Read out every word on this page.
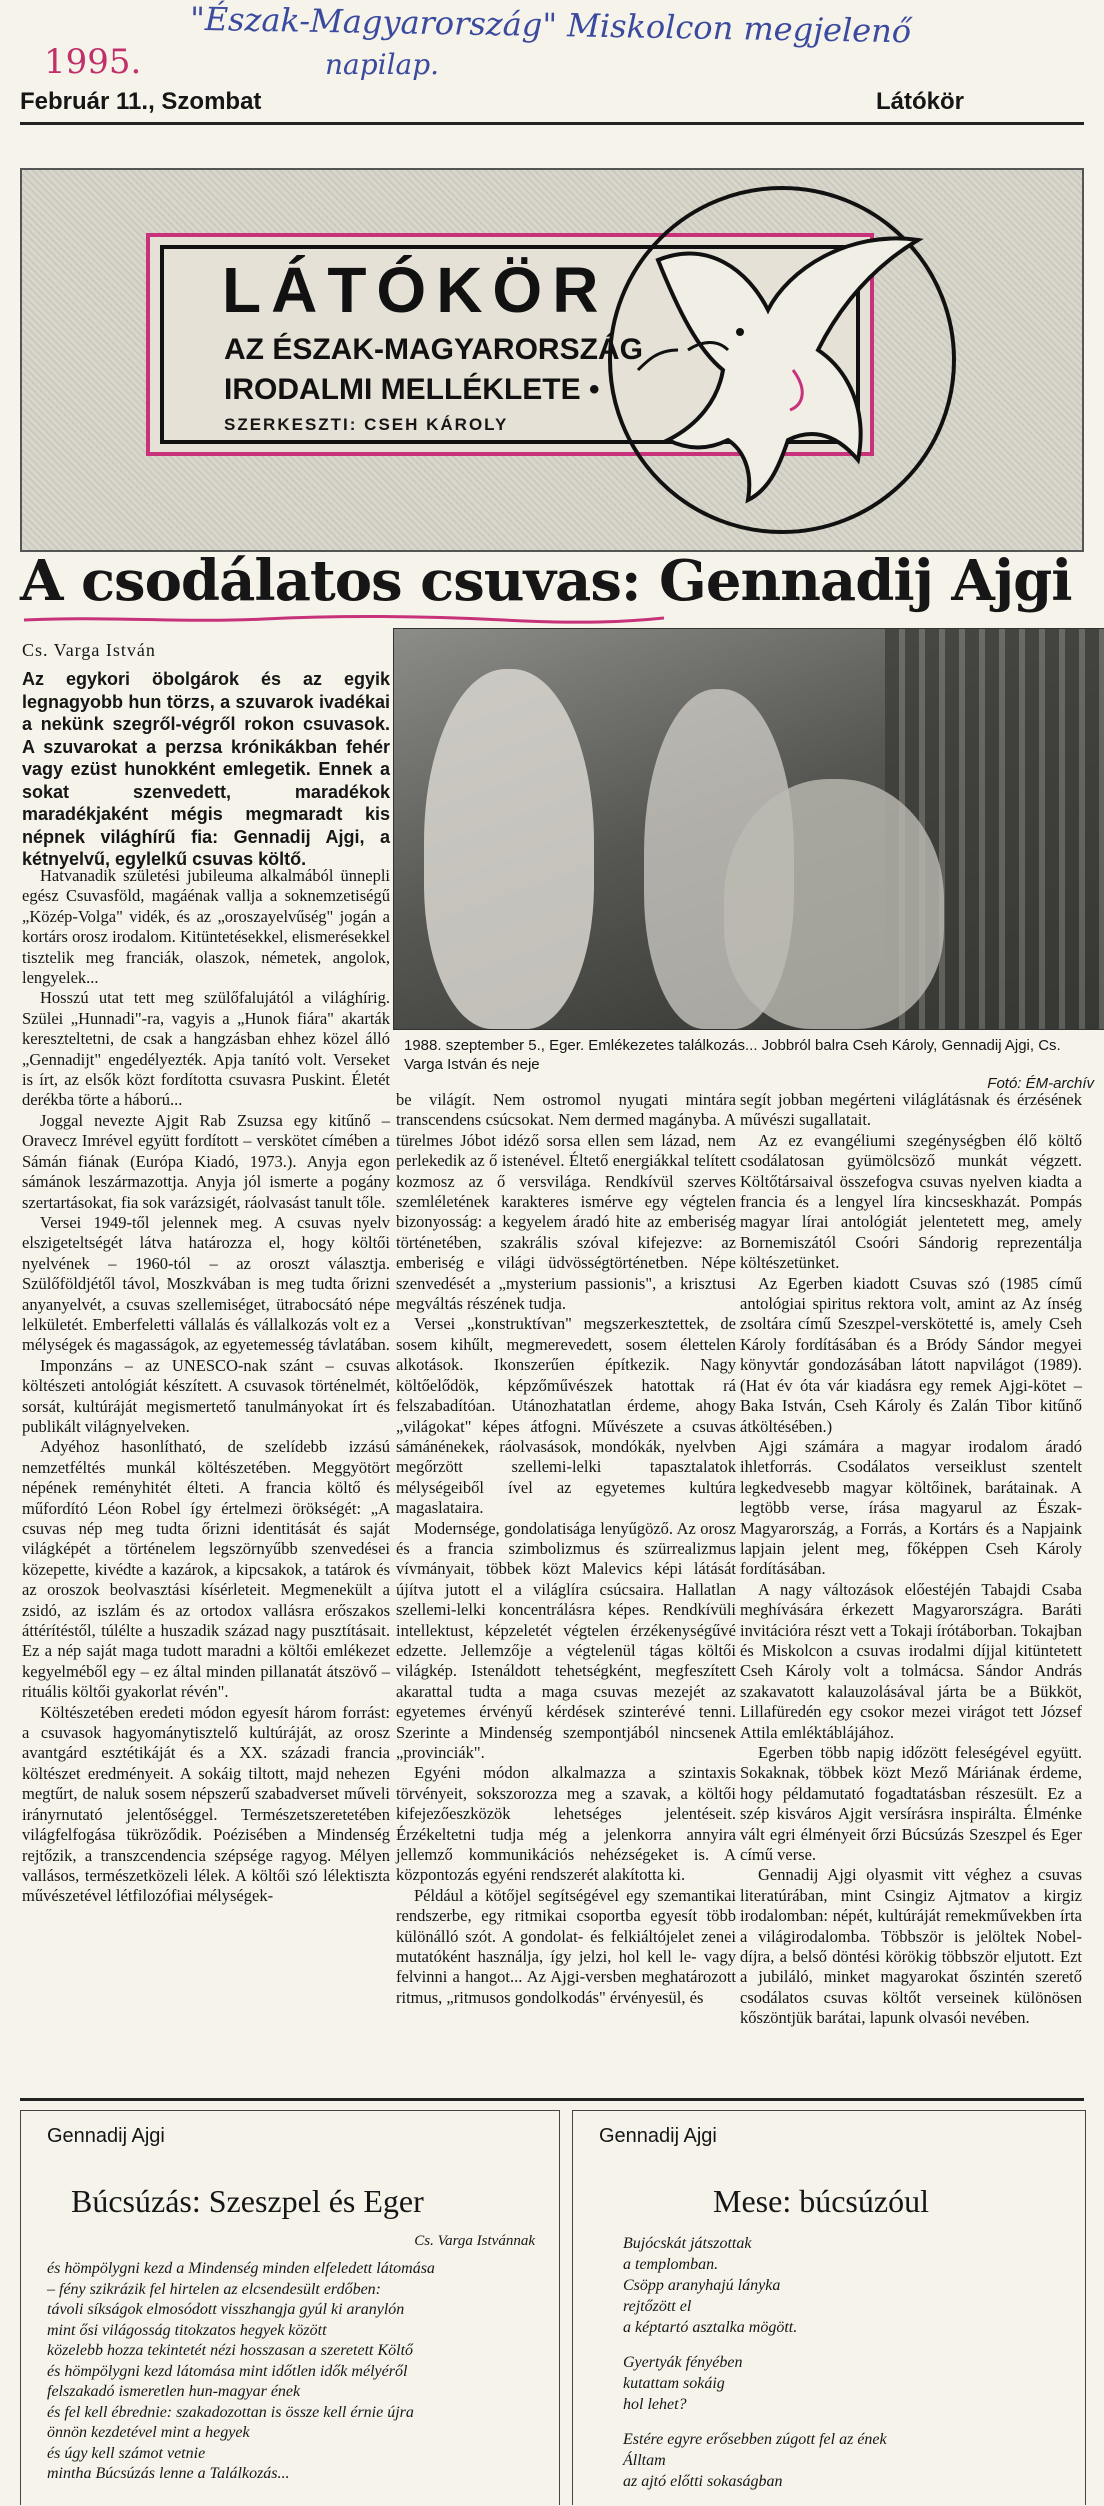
1995.
"Észak-Magyarország" Miskolcon megjelenő
napilap.
Február 11., Szombat	Látókör
LÁTÓKÖR
AZ ÉSZAK-MAGYARORSZÁG
IRODALMI MELLÉKLETE •
SZERKESZTI: CSEH KÁROLY
A csodálatos csuvas: Gennadij Ajgi
Cs. Varga István
Az egykori öbolgárok és az egyik legnagyobb hun törzs, a szuvarok ivadékai a nekünk szegről-végről rokon csuvasok. A szuvarokat a perzsa krónikákban fehér vagy ezüst hunokként emlegetik. Ennek a sokat szenvedett, maradékok maradékjaként mégis megmaradt kis népnek világhírű fia: Gennadij Ajgi, a kétnyelvű, egylelkű csuvas költő.
1988. szeptember 5., Eger. Emlékezetes találkozás... Jobbról balra Cseh Károly, Gennadij Ajgi, Cs. Varga István és neje
Fotó: ÉM-archív

Hatvanadik születési jubileuma alkalmából ünnepli egész Csuvasföld, magáénak vallja a soknemzetiségű „Közép-Volga" vidék, és az „oroszayelvűség" jogán a kortárs orosz irodalom. Kitüntetésekkel, elismerésekkel tisztelik meg franciák, olaszok, németek, angolok, lengyelek...

Hosszú utat tett meg szülőfalujától a világhírig. Szülei „Hunnadi"-ra, vagyis a „Hunok fiára" akarták kereszteltetni, de csak a hangzásban ehhez közel álló „Gennadijt" engedélyezték. Apja tanító volt. Verseket is írt, az elsők közt fordította csuvasra Puskint. Életét derékba törte a háború...

Joggal nevezte Ajgit Rab Zsuzsa egy kitűnő – Oravecz Imrével együtt fordított – verskötet címében a Sámán fiának (Európa Kiadó, 1973.). Anyja egon sámánok leszármazottja. Anyja jól ismerte a pogány szertartásokat, fia sok varázsigét, ráolvasást tanult tőle.

Versei 1949-től jelennek meg. A csuvas nyelv elszigeteltségét látva határozza el, hogy költői nyelvének – 1960-tól – az oroszt választja. Szülőföldjétől távol, Moszkvában is meg tudta őrizni anyanyelvét, a csuvas szellemiséget, ütrabocsátó népe lelkületét. Emberfeletti vállalás és vállalkozás volt ez a mélységek és magasságok, az egyetemesség távlatában.

Imponzáns – az UNESCO-nak szánt – csuvas költészeti antológiát készített. A csuvasok történelmét, sorsát, kultúráját megismertető tanulmányokat írt és publikált világnyelveken.

Adyéhoz hasonlítható, de szelídebb izzású nemzetféltés munkál költészetében. Meggyötört népének reményhitét élteti. A francia költő és műfordító Léon Robel így értelmezi örökségét: „A csuvas nép meg tudta őrizni identitását és saját világképét a történelem legszörnyűbb szenvedései közepette, kivédte a kazárok, a kipcsakok, a tatárok és az oroszok beolvasztási kísérleteit. Megmenekült a zsidó, az iszlám és az ortodox vallásra erőszakos áttérítéstől, túlélte a huszadik század nagy pusztításait. Ez a nép saját maga tudott maradni a költői emlékezet kegyelméből egy – ez által minden pillanatát átszövő – rituális költői gyakorlat révén".

Költészetében eredeti módon egyesít három forrást: a csuvasok hagyománytisztelő kultúráját, az orosz avantgárd esztétikáját és a XX. századi francia költészet eredményeit. A sokáig tiltott, majd nehezen megtűrt, de naluk sosem népszerű szabadverset műveli irányrnutató jelentőséggel. Természetszeretetében világfelfogása tükröződik. Poézisében a Mindenség rejtőzik, a transzcendencia szépsége ragyog. Mélyen vallásos, természetközeli lélek. A költői szó lélektiszta művészetével létfilozófiai mélységek-

be világít. Nem ostromol nyugati mintára transcendens csúcsokat. Nem dermed magányba. A türelmes Jóbot idéző sorsa ellen sem lázad, nem perlekedik az ő istenével. Éltető energiákkal telített kozmosz az ő versvilága. Rendkívül szerves szemléletének karakteres ismérve egy végtelen bizonyosság: a kegyelem áradó hite az emberiség történetében, szakrális szóval kifejezve: az emberiség e világi üdvösségtörténetben. Népe szenvedését a „mysterium passionis", a krisztusi megváltás részének tudja.

Versei „konstruktívan" megszerkesztettek, de sosem kihűlt, megmerevedett, sosem élettelen alkotások. Ikonszerűen építkezik. Nagy költőelődök, képzőművészek hatottak rá felszabadítóan. Utánozhatatlan érdeme, ahogy „világokat" képes átfogni. Művészete a csuvas sámánénekek, ráolvasások, mondókák, nyelvben megőrzött szellemi-lelki tapasztalatok mélységeiből ível az egyetemes kultúra magaslataira.

Modernsége, gondolatisága lenyűgöző. Az orosz és a francia szimbolizmus és szürrealizmus vívmányait, többek közt Malevics képi látását újítva jutott el a világlíra csúcsaira. Hallatlan szellemi-lelki koncentrálásra képes. Rendkívüli intellektust, képzeletét végtelen érzékenységűvé edzette. Jellemzője a végtelenül tágas költői világkép. Istenáldott tehetségként, megfeszített akarattal tudta a maga csuvas mezejét az egyetemes érvényű kérdések szinterévé tenni. Szerinte a Mindenség szempontjából nincsenek „provinciák".

Egyéni módon alkalmazza a szintaxis törvényeit, sokszorozza meg a szavak, a költői kifejezőeszközök lehetséges jelentéseit. Érzékeltetni tudja még a jelenkorra annyira jellemző kommunikációs nehézségeket is. A központozás egyéni rendszerét alakította ki.

Például a kötőjel segítségével egy szemantikai rendszerbe, egy ritmikai csoportba egyesít több különálló szót. A gondolat- és felkiáltójelet zenei mutatóként használja, így jelzi, hol kell le- vagy felvinni a hangot... Az Ajgi-versben meghatározott ritmus, „ritmusos gondolkodás" érvényesül, és

segít jobban megérteni világlátásnak és érzésének művészi sugallatait.

Az ez evangéliumi szegénységben élő költő csodálatosan gyümölcsöző munkát végzett. Költőtársaival összefogva csuvas nyelven kiadta a francia és a lengyel líra kincseskhazát. Pompás magyar lírai antológiát jelentetett meg, amely Bornemiszától Csoóri Sándorig reprezentálja költészetünket.

Az Egerben kiadott Csuvas szó (1985 című antológiai spiritus rektora volt, amint az Az ínség zsoltára című Szeszpel-verskötetté is, amely Cseh Károly fordításában és a Bródy Sándor megyei könyvtár gondozásában látott napvilágot (1989). (Hat év óta vár kiadásra egy remek Ajgi-kötet – Baka István, Cseh Károly és Zalán Tibor kitűnő átköltésében.)

Ajgi számára a magyar irodalom áradó ihletforrás. Csodálatos verseiklust szentelt legkedvesebb magyar költőinek, barátainak. A legtöbb verse, írása magyarul az Észak-Magyarország, a Forrás, a Kortárs és a Napjaink lapjain jelent meg, főképpen Cseh Károly fordításában.

A nagy változások előestéjén Tabajdi Csaba meghívására érkezett Magyarországra. Baráti invitációra részt vett a Tokaji írótáborban. Tokajban és Miskolcon a csuvas irodalmi díjjal kitüntetett Cseh Károly volt a tolmácsa. Sándor András szakavatott kalauzolásával járta be a Bükköt, Lillafüredén egy csokor mezei virágot tett József Attila emléktáblájához.

Egerben több napig időzött feleségével együtt. Sokaknak, többek közt Mező Máriának érdeme, hogy példamutató fogadtatásban részesült. Ez a szép kisváros Ajgit versírásra inspirálta. Élménke vált egri élményeit őrzi Búcsúzás Szeszpel és Eger című verse.

Gennadij Ajgi olyasmit vitt véghez a csuvas literatúrában, mint Csingiz Ajtmatov a kirgiz irodalomban: népét, kultúráját remekművekben írta a világirodalomba. Többször is jelöltek Nobel-díjra, a belső döntési körökig többször eljutott. Ezt a jubiláló, minket magyarokat őszintén szerető csodálatos csuvas költőt verseinek különösen kőszöntjük barátai, lapunk olvasói nevében.

Gennadij Ajgi
Búcsúzás: Szeszpel és Eger
Cs. Varga Istvánnak

és hömpölygni kezd a Mindenség minden elfeledett látomása
– fény szikrázik fel hirtelen az elcsendesült erdőben:
távoli síkságok elmosódott visszhangja gyúl ki aranylón
mint ősi világosság titokzatos hegyek között
közelebb hozza tekintetét nézi hosszasan a szeretett Költő
és hömpölygni kezd látomása mint időtlen idők mélyéről
felszakadó ismeretlen hun-magyar ének
és fel kell ébrednie: szakadozottan is össze kell érnie újra
önnön kezdetével mint a hegyek
és úgy kell számot vetnie
mintha Búcsúzás lenne a Találkozás...

Gennadij Ajgi
Mese: búcsúzóul

Bujócskát játszottak
a templomban.
Csöpp aranyhajú lányka
rejtőzött el
a képtartó asztalka mögött.

Gyertyák fényében
kutattam sokáig
hol lehet?

Estére egyre erősebben zúgott fel az ének
Álltam
az ajtó előtti sokaságban
